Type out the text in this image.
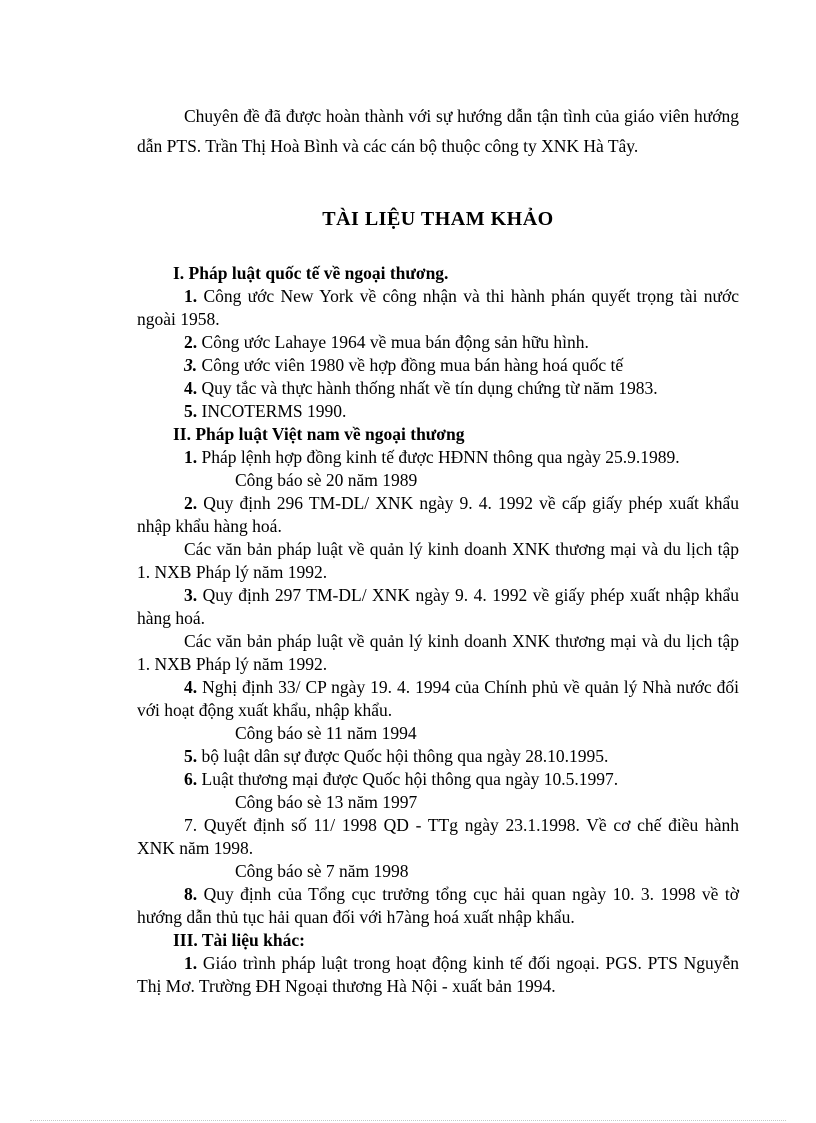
Chuyên đề đã được hoàn thành với sự hướng dẫn tận tình của giáo viên hướng dẫn PTS. Trần Thị Hoà Bình và các cán bộ thuộc công ty XNK Hà Tây.
TÀI LIỆU THAM KHẢO

I. Pháp luật quốc tế về ngoại thương.

1. Công ước New York về công nhận và thi hành phán quyết trọng tài nước ngoài 1958.

2. Công ước Lahaye 1964 về mua bán động sản hữu hình.

3. Công ước viên 1980 về hợp đồng mua bán hàng hoá quốc tế

4. Quy tắc và thực hành thống nhất về tín dụng chứng từ năm 1983.

5. INCOTERMS 1990.

II. Pháp luật Việt nam về ngoại thương

1. Pháp lệnh hợp đồng kinh tế được HĐNN thông qua ngày 25.9.1989.

Công báo sè 20 năm 1989

2. Quy định 296 TM-DL/ XNK ngày 9. 4. 1992 về cấp giấy phép xuất khẩu nhập khẩu hàng hoá.

Các văn bản pháp luật về quản lý kinh doanh XNK thương mại và du lịch tập 1. NXB Pháp lý năm 1992.

3. Quy định 297 TM-DL/ XNK ngày 9. 4. 1992 về giấy phép xuất nhập khẩu hàng hoá.

Các văn bản pháp luật về quản lý kinh doanh XNK thương mại và du lịch tập 1. NXB Pháp lý năm 1992.

4. Nghị định 33/ CP ngày 19. 4. 1994 của Chính phủ về quản lý Nhà nước đối với hoạt động xuất khẩu, nhập khẩu.

Công báo sè 11 năm 1994

5. bộ luật dân sự được Quốc hội thông qua ngày 28.10.1995.

6. Luật thương mại được Quốc hội thông qua ngày 10.5.1997.

Công báo sè 13 năm 1997

7. Quyết định số 11/ 1998 QD - TTg ngày 23.1.1998. Về cơ chế điều hành XNK năm 1998.

Công báo sè 7 năm 1998

8. Quy định của Tổng cục trưởng tổng cục hải quan ngày 10. 3. 1998 về tờ hướng dẫn thủ tục hải quan đối với h7àng hoá xuất nhập khẩu.

III. Tài liệu khác:

1. Giáo trình pháp luật trong hoạt động kinh tế đối ngoại. PGS. PTS Nguyễn Thị Mơ. Trường ĐH Ngoại thương Hà Nội - xuất bản 1994.
